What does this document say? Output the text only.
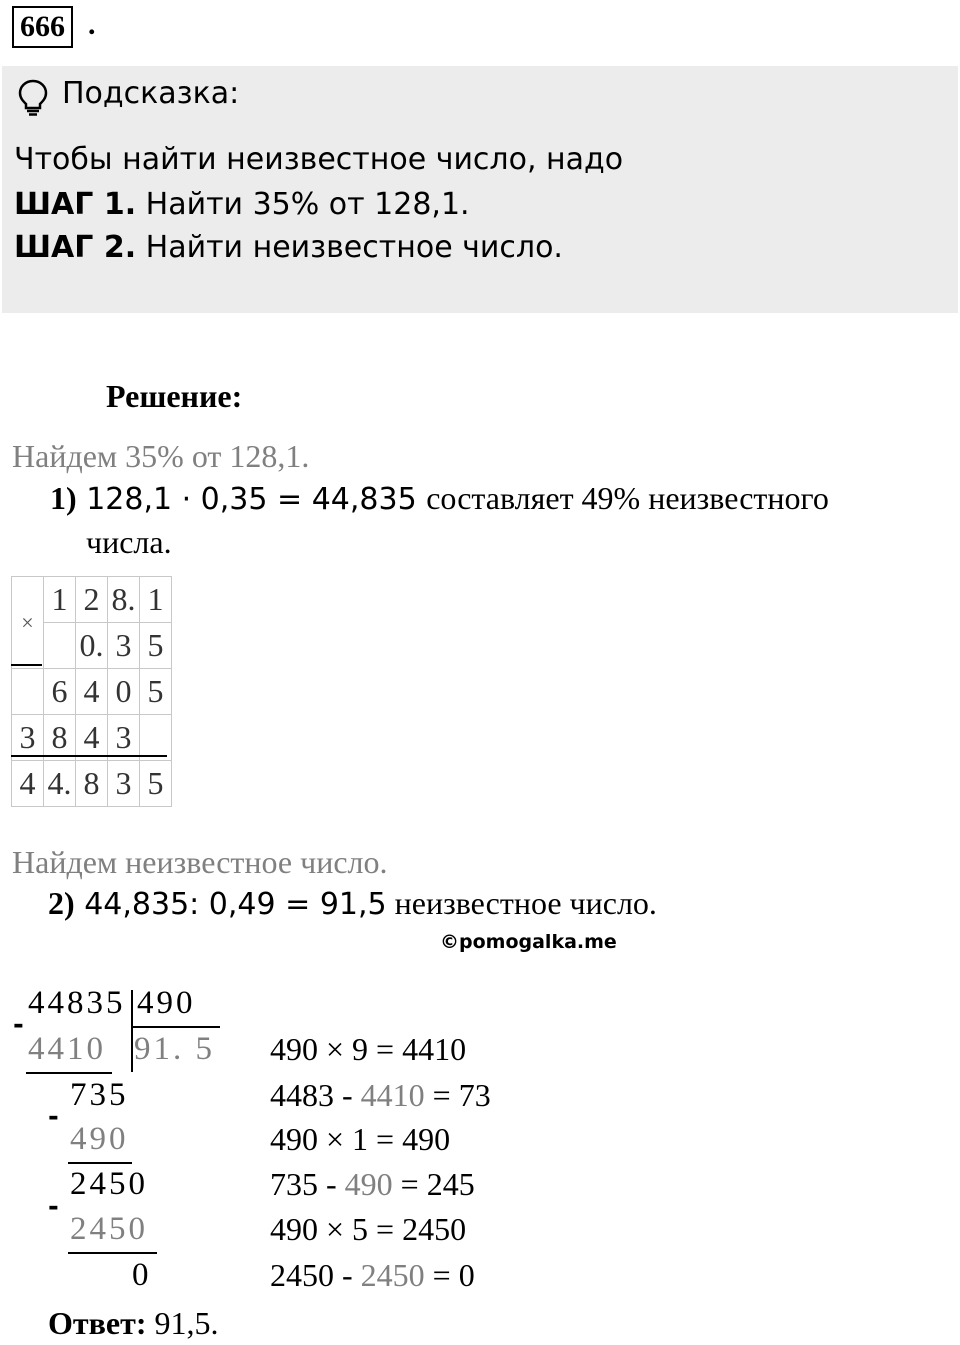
666 .
Подсказка:
Чтобы найти неизвестное число, надо
ШАГ 1. Найти 35% от 128,1.
ШАГ 2. Найти неизвестное число.
Решение:
Найдем 35% от 128,1.
1) 128,1 · 0,35 = 44,835 составляет 49% неизвестного
числа.
×	1	2	8.	1
		0.	3	5
	6	4	0	5
3	8	4	3	
4	4.	8	3	5
Найдем неизвестное число.
2) 44,835: 0,49 = 91,5 неизвестное число.
©pomogalka.me
44835 490
91. 5
-
4410
735
-
490
2450
-
2450
0
490 × 9 = 4410
4483 - 4410 = 73
490 × 1 = 490
735 - 490 = 245
490 × 5 = 2450
2450 - 2450 = 0
Ответ: 91,5.
